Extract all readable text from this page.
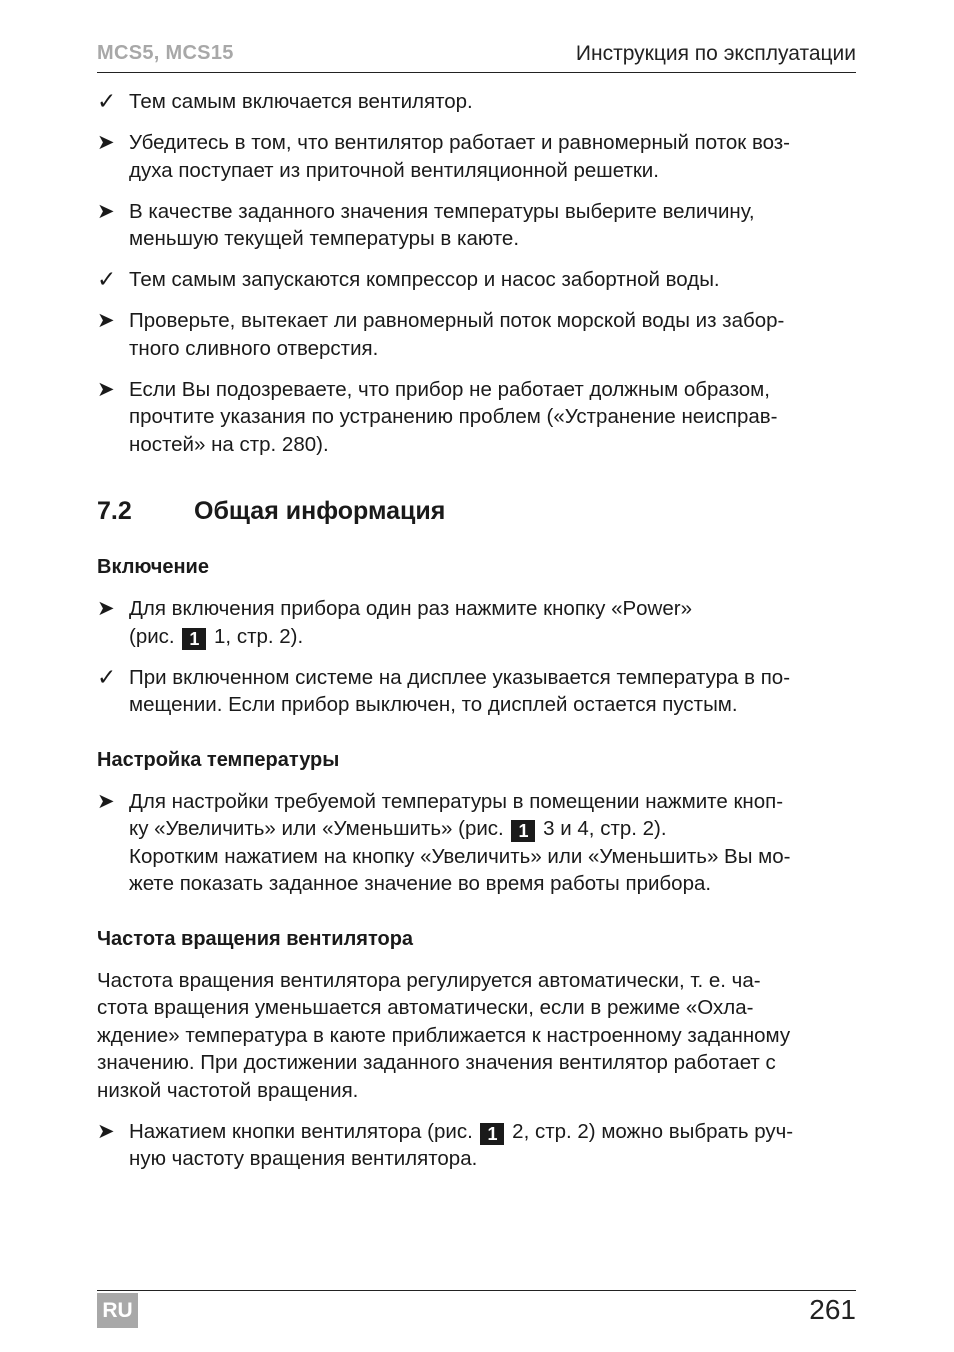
MCS5, MCS15	Инструкция по эксплуатации
✓ Тем самым включается вентилятор.
➤ Убедитесь в том, что вентилятор работает и равномерный поток воз-
духа поступает из приточной вентиляционной решетки.
➤ В качестве заданного значения температуры выберите величину,
меньшую текущей температуры в каюте.
✓ Тем самым запускаются компрессор и насос забортной воды.
➤ Проверьте, вытекает ли равномерный поток морской воды из забор-
тного сливного отверстия.
➤ Если Вы подозреваете, что прибор не работает должным образом,
прочтите указания по устранению проблем («Устранение неисправ-
ностей» на стр. 280).
7.2 Общая информация
Включение
➤ Для включения прибора один раз нажмите кнопку «Power»
(рис. 1 1, стр. 2).
✓ При включенном системе на дисплее указывается температура в по-
мещении. Если прибор выключен, то дисплей остается пустым.
Настройка температуры
➤ Для настройки требуемой температуры в помещении нажмите кноп-
ку «Увеличить» или «Уменьшить» (рис. 1 3 и 4, стр. 2).
Коротким нажатием на кнопку «Увеличить» или «Уменьшить» Вы мо-
жете показать заданное значение во время работы прибора.
Частота вращения вентилятора
Частота вращения вентилятора регулируется автоматически, т. е. ча-
стота вращения уменьшается автоматически, если в режиме «Охла-
ждение» температура в каюте приближается к настроенному заданному
значению. При достижении заданного значения вентилятор работает с
низкой частотой вращения.
➤ Нажатием кнопки вентилятора (рис. 1 2, стр. 2) можно выбрать руч-
ную частоту вращения вентилятора.
RU	261
